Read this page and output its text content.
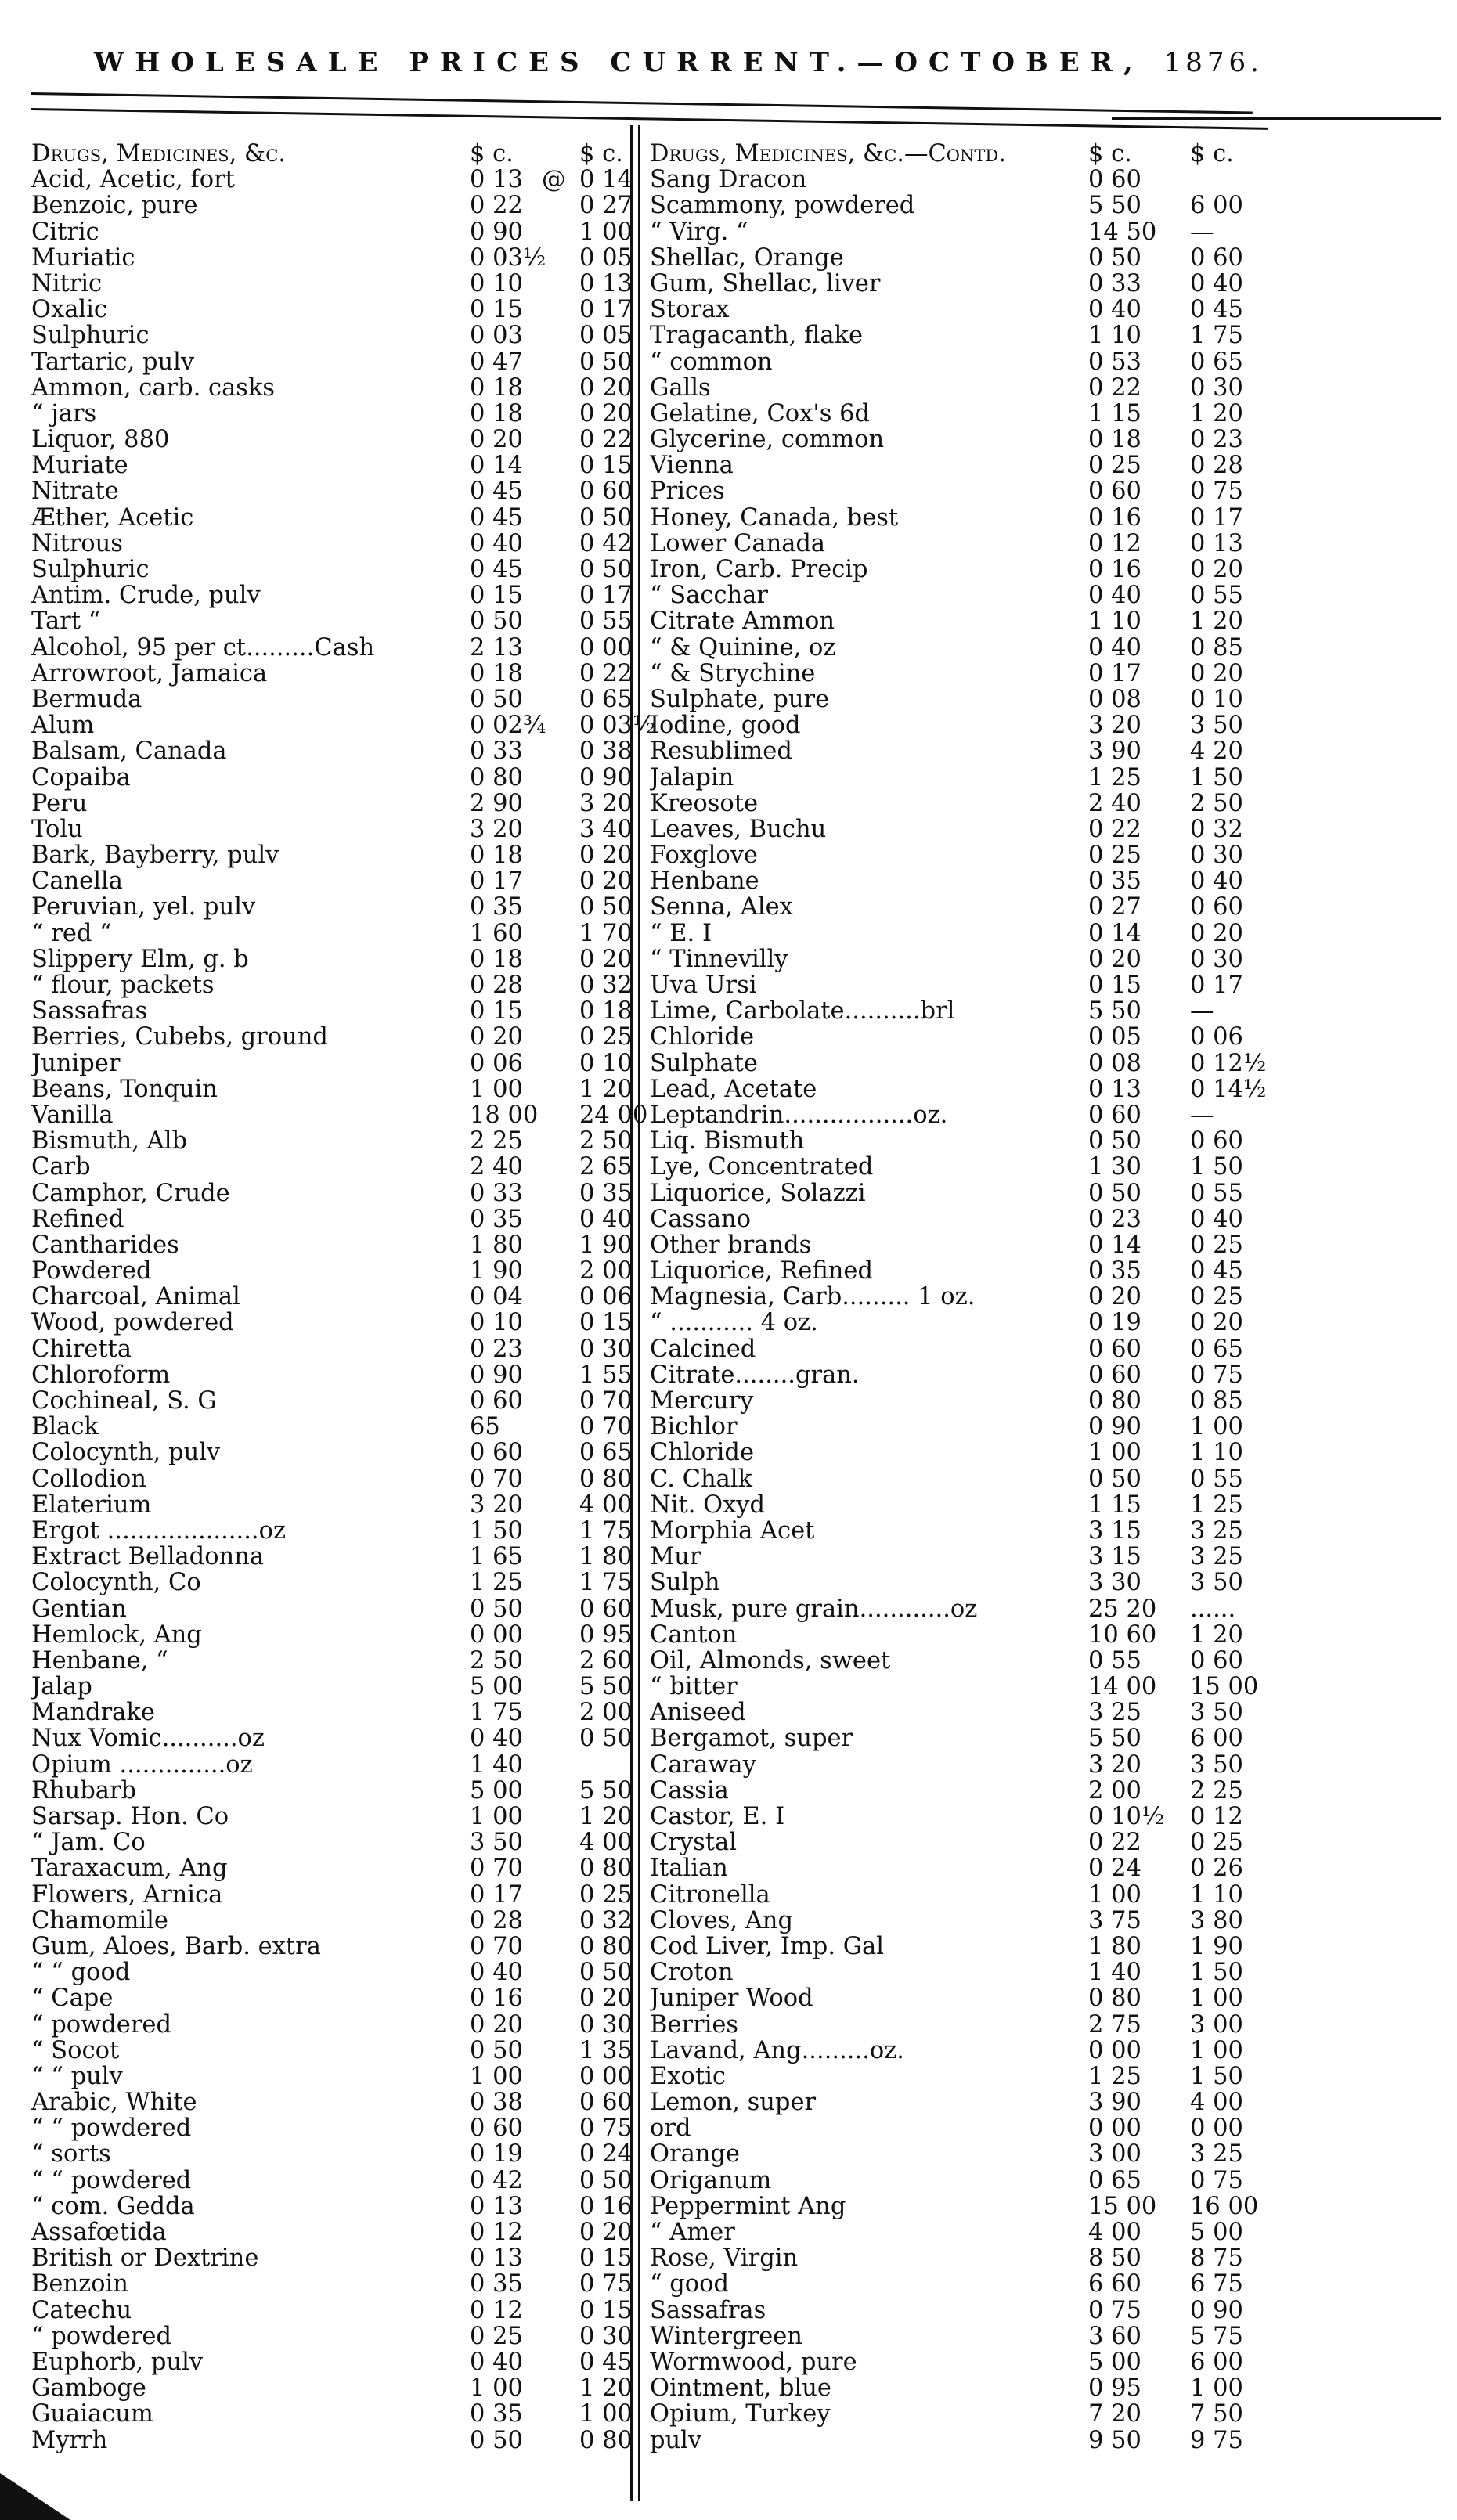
WHOLESALE PRICES CURRENT.—OCTOBER, 1876.
Drugs, Medicines, &c.	$ c.	$ c.
Acid, Acetic, fort	0 13	0 14
@
Benzoic, pure	0 22	0 27
Citric	0 90	1 00
Muriatic	0 03½	0 05
Nitric	0 10	0 13
Oxalic	0 15	0 17
Sulphuric	0 03	0 05
Tartaric, pulv	0 47	0 50
Ammon, carb. casks	0 18	0 20
“ jars	0 18	0 20
Liquor, 880	0 20	0 22
Muriate	0 14	0 15
Nitrate	0 45	0 60
Æther, Acetic	0 45	0 50
Nitrous	0 40	0 42
Sulphuric	0 45	0 50
Antim. Crude, pulv	0 15	0 17
Tart “	0 50	0 55
Alcohol, 95 per ct.........Cash	2 13	0 00
Arrowroot, Jamaica	0 18	0 22
Bermuda	0 50	0 65
Alum	0 02¾	0 03½
Balsam, Canada	0 33	0 38
Copaiba	0 80	0 90
Peru	2 90	3 20
Tolu	3 20	3 40
Bark, Bayberry, pulv	0 18	0 20
Canella	0 17	0 20
Peruvian, yel. pulv	0 35	0 50
“ red “	1 60	1 70
Slippery Elm, g. b	0 18	0 20
“ flour, packets	0 28	0 32
Sassafras	0 15	0 18
Berries, Cubebs, ground	0 20	0 25
Juniper	0 06	0 10
Beans, Tonquin	1 00	1 20
Vanilla	18 00	24 00
Bismuth, Alb	2 25	2 50
Carb	2 40	2 65
Camphor, Crude	0 33	0 35
Refined	0 35	0 40
Cantharides	1 80	1 90
Powdered	1 90	2 00
Charcoal, Animal	0 04	0 06
Wood, powdered	0 10	0 15
Chiretta	0 23	0 30
Chloroform	0 90	1 55
Cochineal, S. G	0 60	0 70
Black	65	0 70
Colocynth, pulv	0 60	0 65
Collodion	0 70	0 80
Elaterium	3 20	4 00
Ergot ....................oz	1 50	1 75
Extract Belladonna	1 65	1 80
Colocynth, Co	1 25	1 75
Gentian	0 50	0 60
Hemlock, Ang	0 00	0 95
Henbane, “	2 50	2 60
Jalap	5 00	5 50
Mandrake	1 75	2 00
Nux Vomic..........oz	0 40	0 50
Opium ..............oz	1 40
Rhubarb	5 00	5 50
Sarsap. Hon. Co	1 00	1 20
“ Jam. Co	3 50	4 00
Taraxacum, Ang	0 70	0 80
Flowers, Arnica	0 17	0 25
Chamomile	0 28	0 32
Gum, Aloes, Barb. extra	0 70	0 80
“ “ good	0 40	0 50
“ Cape	0 16	0 20
“ powdered	0 20	0 30
“ Socot	0 50	1 35
“ “ pulv	1 00	0 00
Arabic, White	0 38	0 60
“ “ powdered	0 60	0 75
“ sorts	0 19	0 24
“ “ powdered	0 42	0 50
“ com. Gedda	0 13	0 16
Assafœtida	0 12	0 20
British or Dextrine	0 13	0 15
Benzoin	0 35	0 75
Catechu	0 12	0 15
“ powdered	0 25	0 30
Euphorb, pulv	0 40	0 45
Gamboge	1 00	1 20
Guaiacum	0 35	1 00
Myrrh	0 50	0 80
Drugs, Medicines, &c.—Contd.	$ c.	$ c.
Sang Dracon	0 60
Scammony, powdered	5 50	6 00
“ Virg. “	14 50	—
Shellac, Orange	0 50	0 60
Gum, Shellac, liver	0 33	0 40
Storax	0 40	0 45
Tragacanth, flake	1 10	1 75
“ common	0 53	0 65
Galls	0 22	0 30
Gelatine, Cox's 6d	1 15	1 20
Glycerine, common	0 18	0 23
Vienna	0 25	0 28
Prices	0 60	0 75
Honey, Canada, best	0 16	0 17
Lower Canada	0 12	0 13
Iron, Carb. Precip	0 16	0 20
“ Sacchar	0 40	0 55
Citrate Ammon	1 10	1 20
“ & Quinine, oz	0 40	0 85
“ & Strychine	0 17	0 20
Sulphate, pure	0 08	0 10
Iodine, good	3 20	3 50
Resublimed	3 90	4 20
Jalapin	1 25	1 50
Kreosote	2 40	2 50
Leaves, Buchu	0 22	0 32
Foxglove	0 25	0 30
Henbane	0 35	0 40
Senna, Alex	0 27	0 60
“ E. I	0 14	0 20
“ Tinnevilly	0 20	0 30
Uva Ursi	0 15	0 17
Lime, Carbolate..........brl	5 50	—
Chloride	0 05	0 06
Sulphate	0 08	0 12½
Lead, Acetate	0 13	0 14½
Leptandrin.................oz.	0 60	—
Liq. Bismuth	0 50	0 60
Lye, Concentrated	1 30	1 50
Liquorice, Solazzi	0 50	0 55
Cassano	0 23	0 40
Other brands	0 14	0 25
Liquorice, Refined	0 35	0 45
Magnesia, Carb......... 1 oz.	0 20	0 25
“ ........... 4 oz.	0 19	0 20
Calcined	0 60	0 65
Citrate........gran.	0 60	0 75
Mercury	0 80	0 85
Bichlor	0 90	1 00
Chloride	1 00	1 10
C. Chalk	0 50	0 55
Nit. Oxyd	1 15	1 25
Morphia Acet	3 15	3 25
Mur	3 15	3 25
Sulph	3 30	3 50
Musk, pure grain............oz	25 20	......
Canton	10 60	1 20
Oil, Almonds, sweet	0 55	0 60
“ bitter	14 00	15 00
Aniseed	3 25	3 50
Bergamot, super	5 50	6 00
Caraway	3 20	3 50
Cassia	2 00	2 25
Castor, E. I	0 10½	0 12
Crystal	0 22	0 25
Italian	0 24	0 26
Citronella	1 00	1 10
Cloves, Ang	3 75	3 80
Cod Liver, Imp. Gal	1 80	1 90
Croton	1 40	1 50
Juniper Wood	0 80	1 00
Berries	2 75	3 00
Lavand, Ang.........oz.	0 00	1 00
Exotic	1 25	1 50
Lemon, super	3 90	4 00
ord	0 00	0 00
Orange	3 00	3 25
Origanum	0 65	0 75
Peppermint Ang	15 00	16 00
“ Amer	4 00	5 00
Rose, Virgin	8 50	8 75
“ good	6 60	6 75
Sassafras	0 75	0 90
Wintergreen	3 60	5 75
Wormwood, pure	5 00	6 00
Ointment, blue	0 95	1 00
Opium, Turkey	7 20	7 50
pulv	9 50	9 75
